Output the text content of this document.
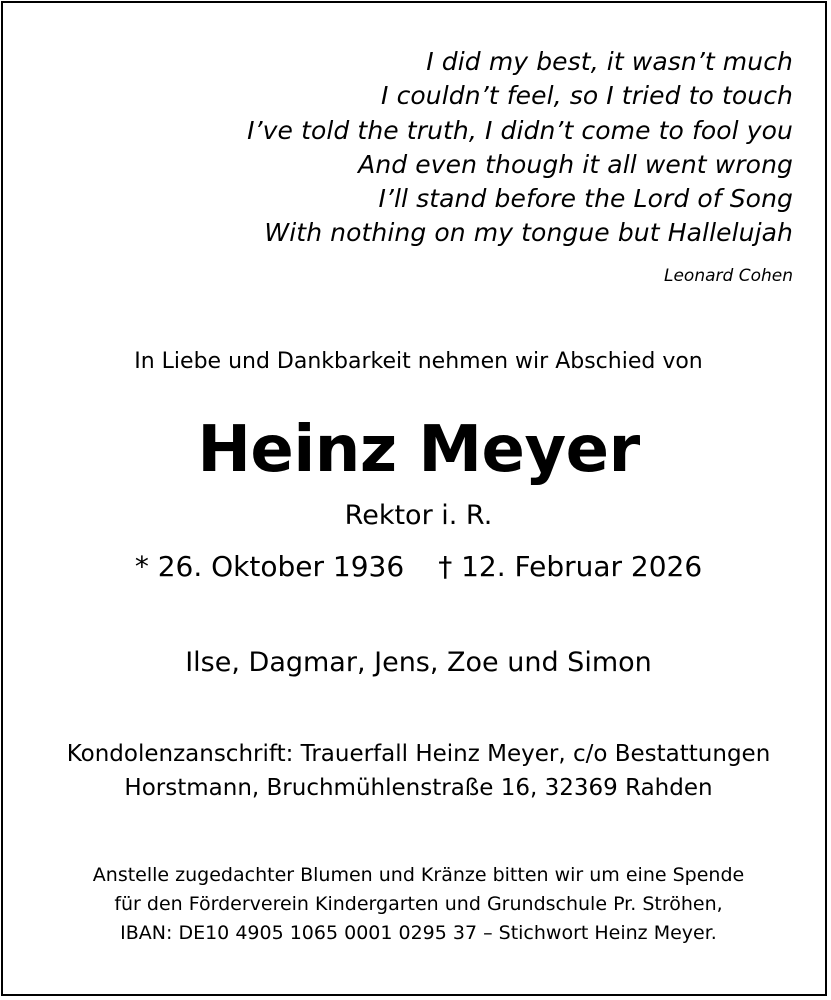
I did my best, it wasn’t much
I couldn’t feel, so I tried to touch
I’ve told the truth, I didn’t come to fool you
And even though it all went wrong
I’ll stand before the Lord of Song
With nothing on my tongue but Hallelujah
Leonard Cohen
In Liebe und Dankbarkeit nehmen wir Abschied von
Heinz Meyer
Rektor i. R.
* 26. Oktober 1936 † 12. Februar 2026
Ilse, Dagmar, Jens, Zoe und Simon
Kondolenzanschrift: Trauerfall Heinz Meyer, c/o Bestattungen
Horstmann, Bruchmühlenstraße 16, 32369 Rahden
Anstelle zugedachter Blumen und Kränze bitten wir um eine Spende
für den Förderverein Kindergarten und Grundschule Pr. Ströhen,
IBAN: DE10 4905 1065 0001 0295 37 – Stichwort Heinz Meyer.
